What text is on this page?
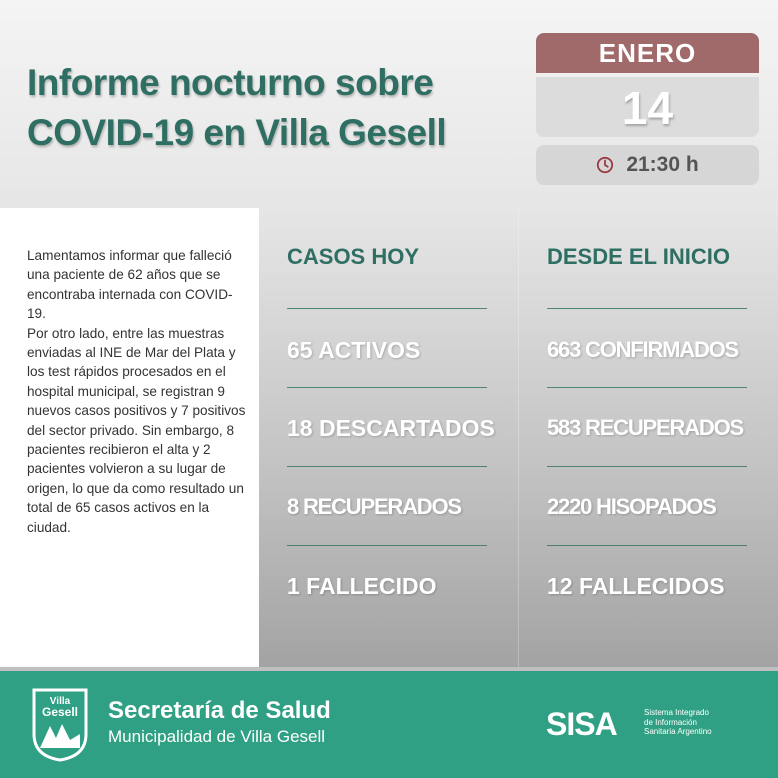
Informe nocturno sobre
COVID-19 en Villa Gesell
ENERO
14
21:30 h

Lamentamos informar que falleció una paciente de 62 años que se encontraba internada con COVID-19.

Por otro lado, entre las muestras enviadas al INE de Mar del Plata y los test rápidos procesados en el hospital municipal, se registran 9 nuevos casos positivos y 7 positivos del sector privado. Sin embargo, 8 pacientes recibieron el alta y 2 pacientes volvieron a su lugar de origen, lo que da como resultado un total de 65 casos activos en la ciudad.

CASOS HOY
65 ACTIVOS
18 DESCARTADOS
8 RECUPERADOS
1 FALLECIDO
DESDE EL INICIO
663 CONFIRMADOS
583 RECUPERADOS
2220 HISOPADOS
12 FALLECIDOS
Villa
Gesell Secretaría de Salud
Municipalidad de Villa Gesell	SISA	Sistema Integrado
de Información
Sanitaria Argentino
